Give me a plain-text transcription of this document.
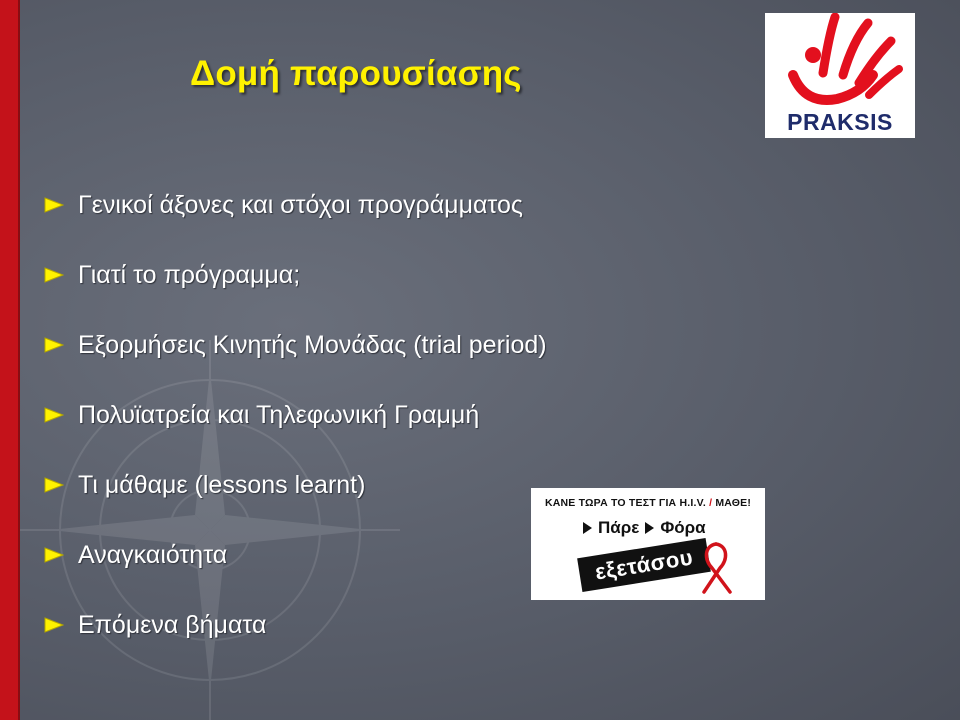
Δομή παρουσίασης
PRAKSIS
Γενικοί άξονες και στόχοι προγράμματος
Γιατί το πρόγραμμα;
Εξορμήσεις Κινητής Μονάδας (trial period)
Πολυϊατρεία και Τηλεφωνική Γραμμή
Τι μάθαμε (lessons learnt)
Αναγκαιότητα
Επόμενα βήματα
ΚΑΝΕ ΤΩΡΑ ΤΟ ΤΕΣΤ ΓΙΑ Η.Ι.V. / ΜΑΘΕ!
Πάρε Φόρα
εξετάσου
